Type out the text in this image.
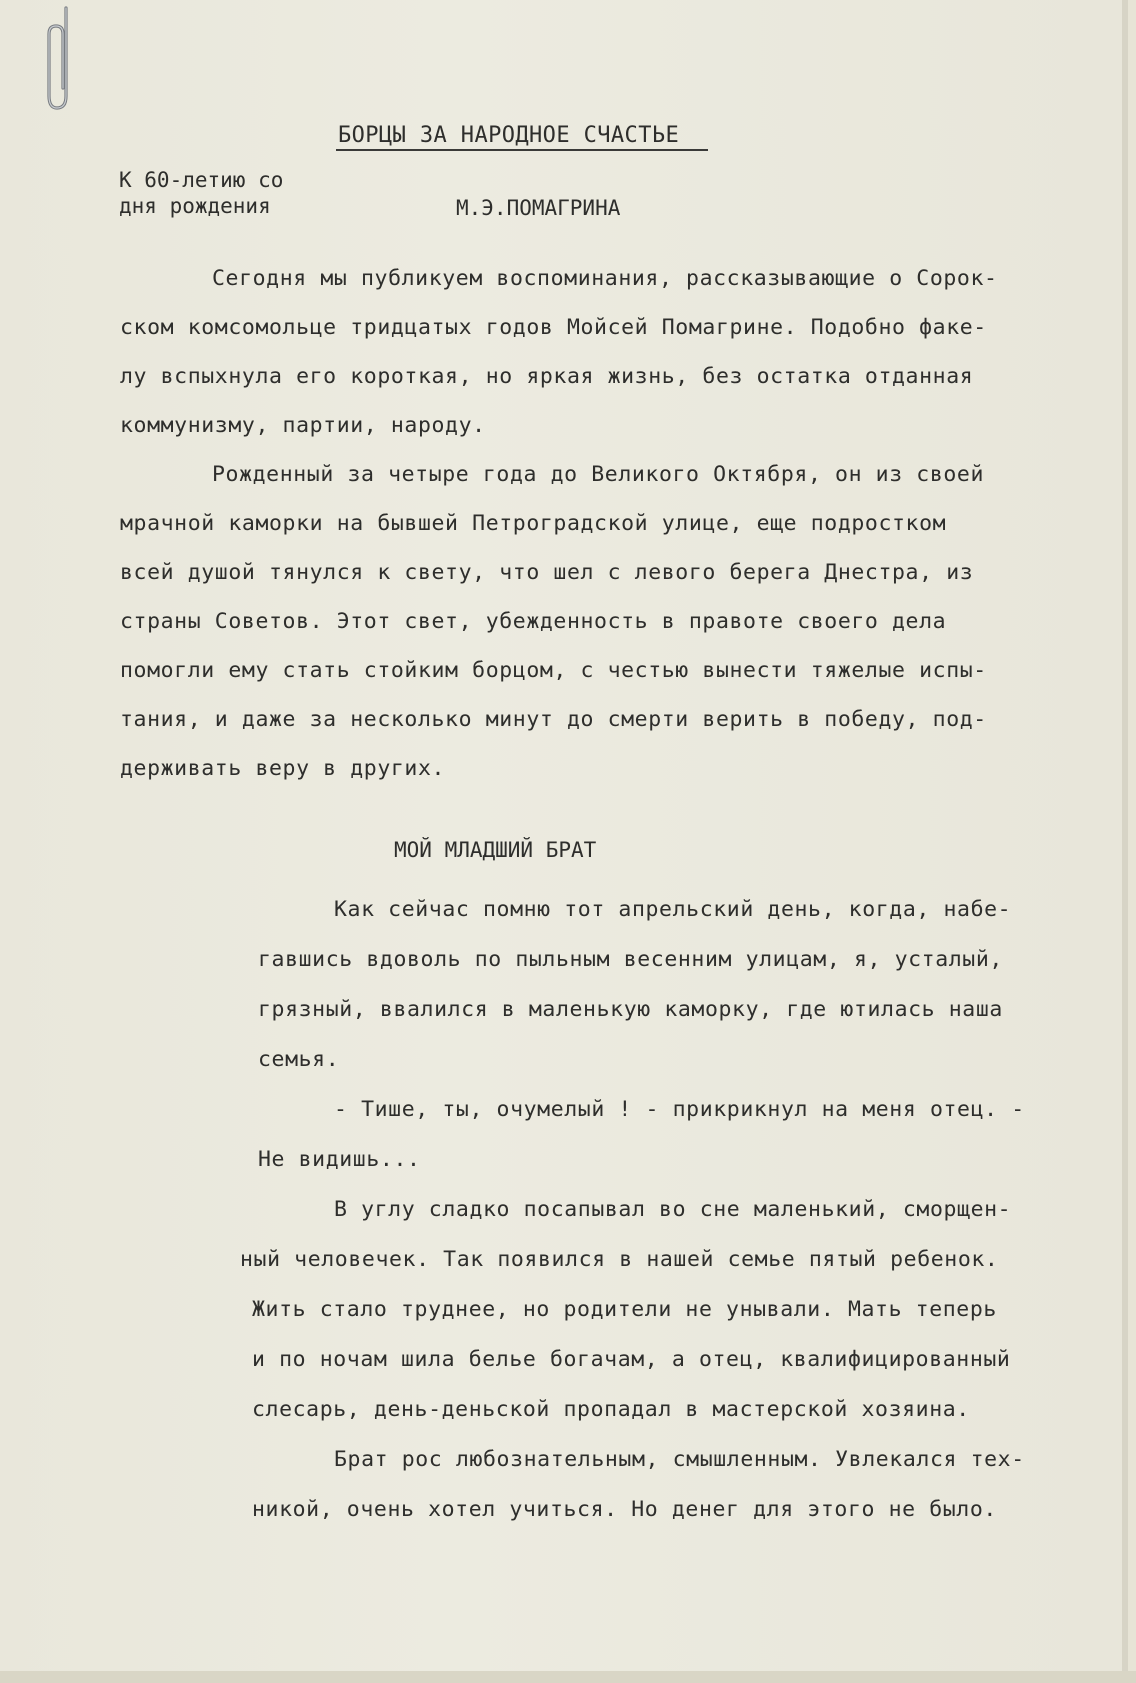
БОРЦЫ ЗА НАРОДНОЕ СЧАСТЬЕ
К 60-летию со
дня рождения	М.Э.ПОМАГРИНА
Сегодня мы публикуем воспоминания, рассказывающие о Сорок-
ском комсомольце тридцатых годов Мойсей Помагрине. Подобно факе-
лу вспыхнула его короткая, но яркая жизнь, без остатка отданная
коммунизму, партии, народу.
Рожденный за четыре года до Великого Октября, он из своей
мрачной каморки на бывшей Петроградской улице, еще подростком
всей душой тянулся к свету, что шел с левого берега Днестра, из
страны Советов. Этот свет, убежденность в правоте своего дела
помогли ему стать стойким борцом, с честью вынести тяжелые испы-
тания, и даже за несколько минут до смерти верить в победу, под-
держивать веру в других.
МОЙ МЛАДШИЙ БРАТ
Как сейчас помню тот апрельский день, когда, набе-
гавшись вдоволь по пыльным весенним улицам, я, усталый,
грязный, ввалился в маленькую каморку, где ютилась наша
семья.
- Тише, ты, очумелый ! - прикрикнул на меня отец. -
Не видишь...
В углу сладко посапывал во сне маленький, сморщен-
ный человечек. Так появился в нашей семье пятый ребенок.
Жить стало труднее, но родители не унывали. Мать теперь
и по ночам шила белье богачам, а отец, квалифицированный
слесарь, день-деньской пропадал в мастерской хозяина.
Брат рос любознательным, смышленным. Увлекался тех-
никой, очень хотел учиться. Но денег для этого не было.
